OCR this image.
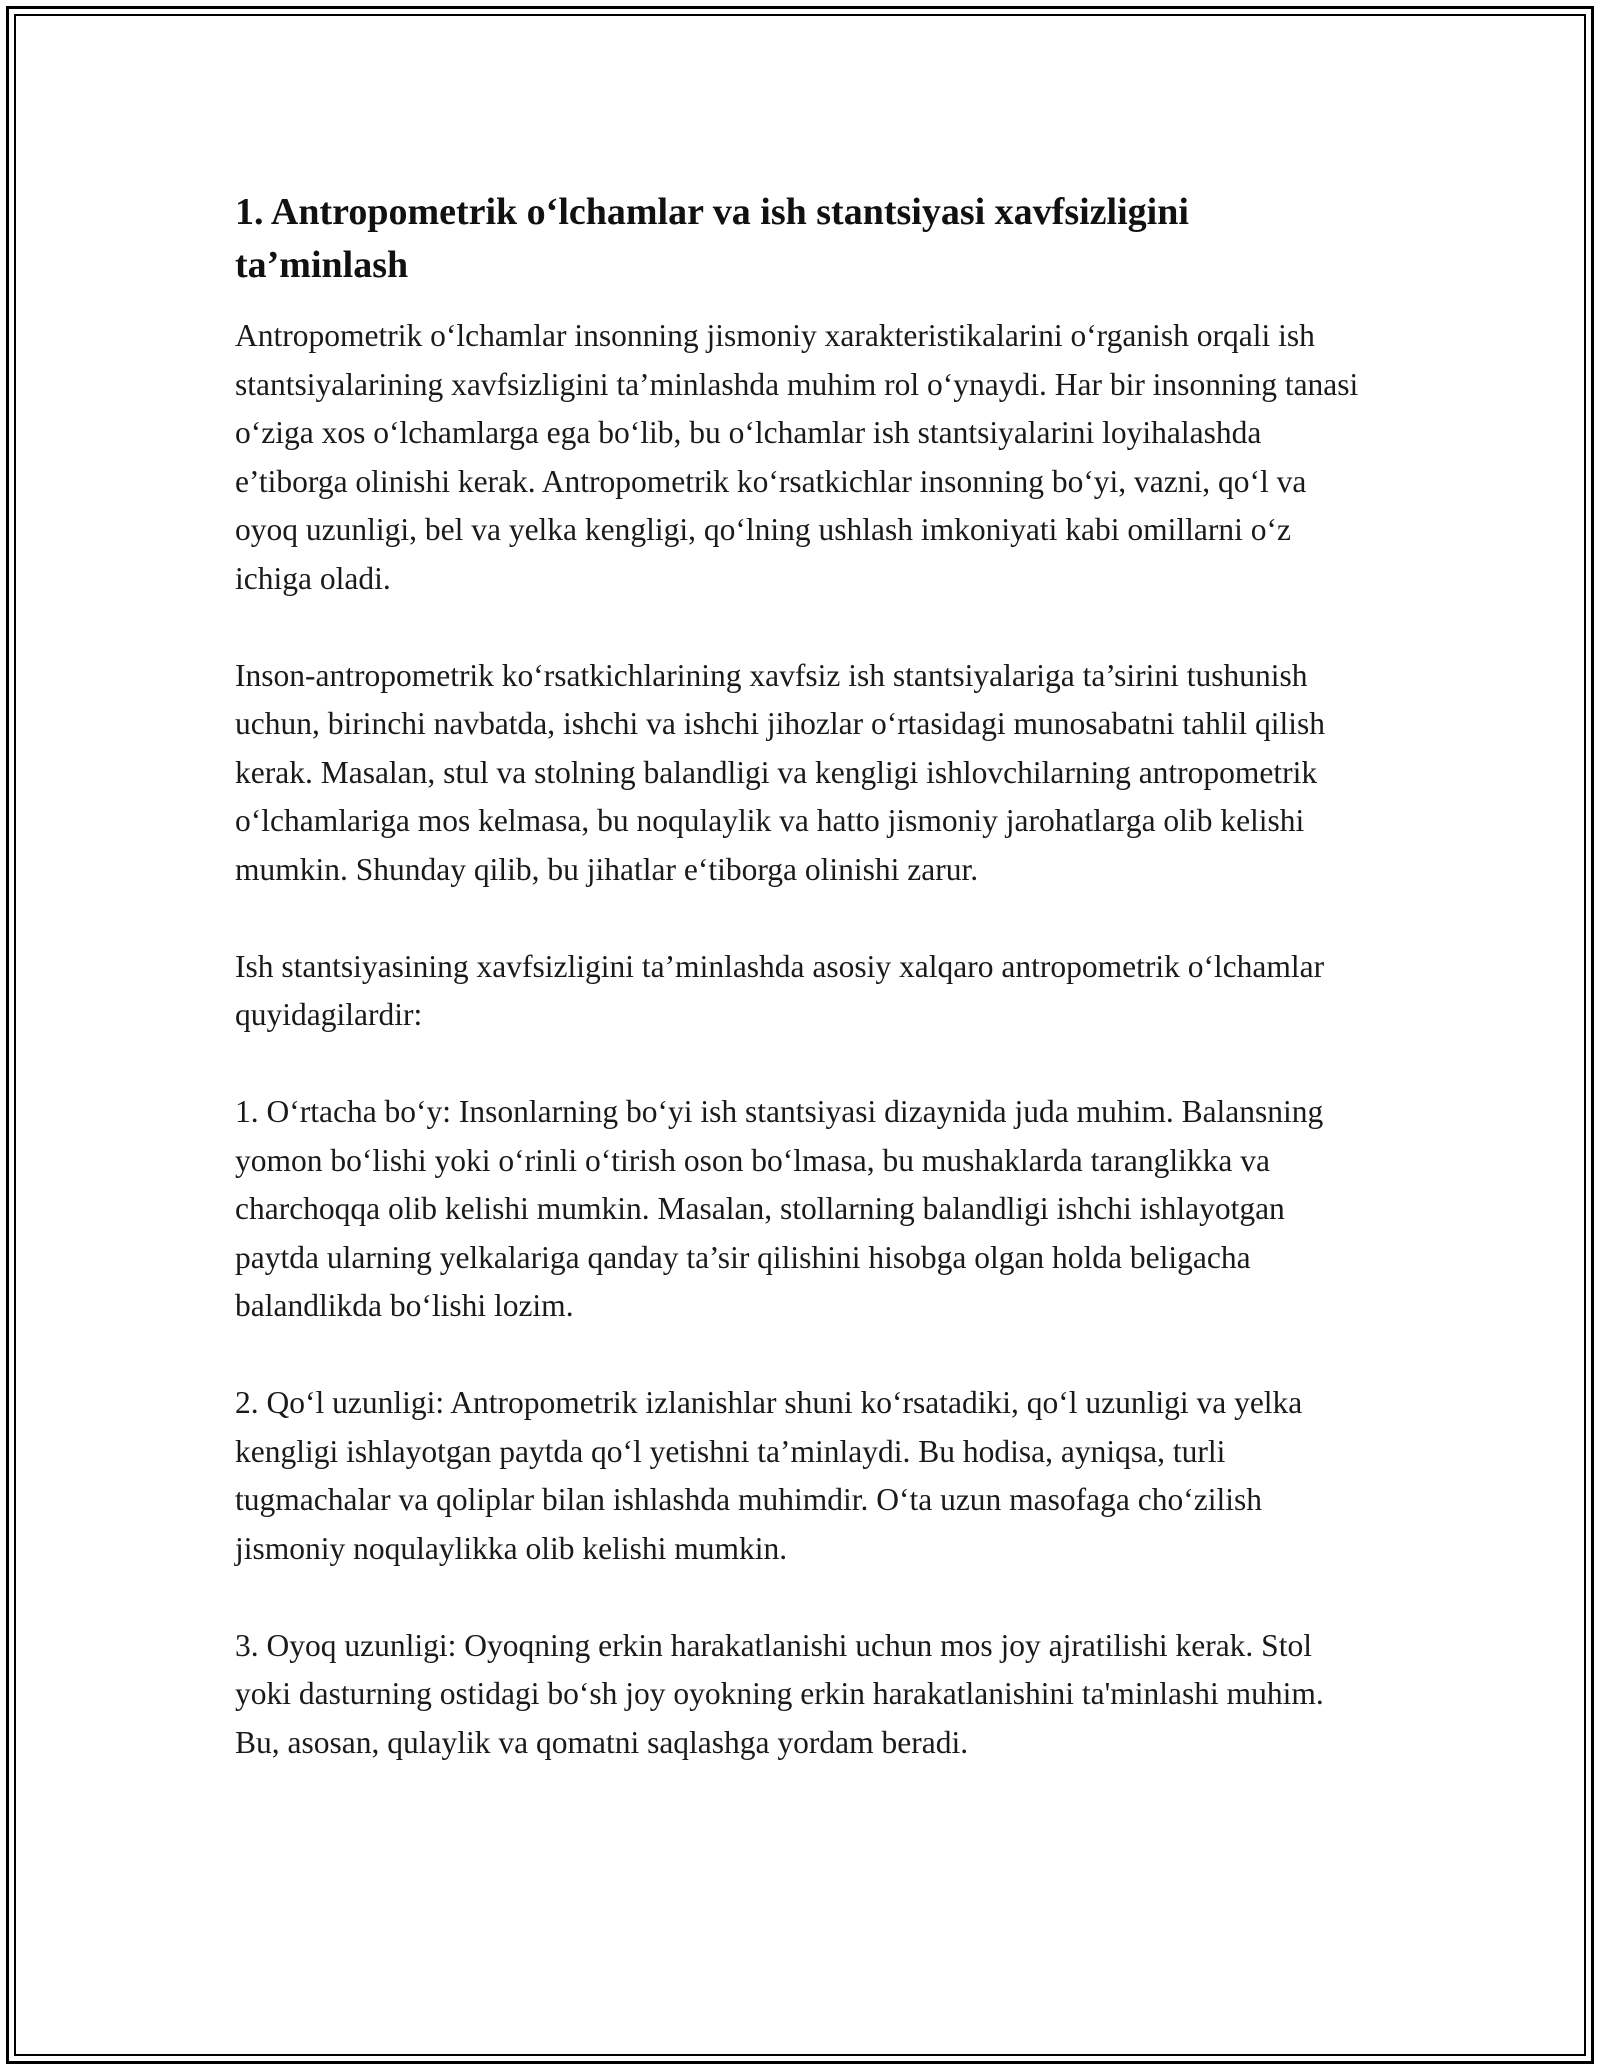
1. Antropometrik o‘lchamlar va ish stantsiyasi xavfsizligini ta’minlash

Antropometrik o‘lchamlar insonning jismoniy xarakteristikalarini o‘rganish orqali ish stantsiyalarining xavfsizligini ta’minlashda muhim rol o‘ynaydi. Har bir insonning tanasi o‘ziga xos o‘lchamlarga ega bo‘lib, bu o‘lchamlar ish stantsiyalarini loyihalashda e’tiborga olinishi kerak. Antropometrik ko‘rsatkichlar insonning bo‘yi, vazni, qo‘l va oyoq uzunligi, bel va yelka kengligi, qo‘lning ushlash imkoniyati kabi omillarni o‘z ichiga oladi.

Inson-antropometrik ko‘rsatkichlarining xavfsiz ish stantsiyalariga ta’sirini tushunish uchun, birinchi navbatda, ishchi va ishchi jihozlar o‘rtasidagi munosabatni tahlil qilish kerak. Masalan, stul va stolning balandligi va kengligi ishlovchilarning antropometrik o‘lchamlariga mos kelmasa, bu noqulaylik va hatto jismoniy jarohatlarga olib kelishi mumkin. Shunday qilib, bu jihatlar e‘tiborga olinishi zarur.

Ish stantsiyasining xavfsizligini ta’minlashda asosiy xalqaro antropometrik o‘lchamlar quyidagilardir:

1. O‘rtacha bo‘y: Insonlarning bo‘yi ish stantsiyasi dizaynida juda muhim. Balansning yomon bo‘lishi yoki o‘rinli o‘tirish oson bo‘lmasa, bu mushaklarda taranglikka va charchoqqa olib kelishi mumkin. Masalan, stollarning balandligi ishchi ishlayotgan paytda ularning yelkalariga qanday ta’sir qilishini hisobga olgan holda beligacha balandlikda bo‘lishi lozim.

2. Qo‘l uzunligi: Antropometrik izlanishlar shuni ko‘rsatadiki, qo‘l uzunligi va yelka kengligi ishlayotgan paytda qo‘l yetishni ta’minlaydi. Bu hodisa, ayniqsa, turli tugmachalar va qoliplar bilan ishlashda muhimdir. O‘ta uzun masofaga cho‘zilish jismoniy noqulaylikka olib kelishi mumkin.

3. Oyoq uzunligi: Oyoqning erkin harakatlanishi uchun mos joy ajratilishi kerak. Stol yoki dasturning ostidagi bo‘sh joy oyokning erkin harakatlanishini ta'minlashi muhim. Bu, asosan, qulaylik va qomatni saqlashga yordam beradi.
